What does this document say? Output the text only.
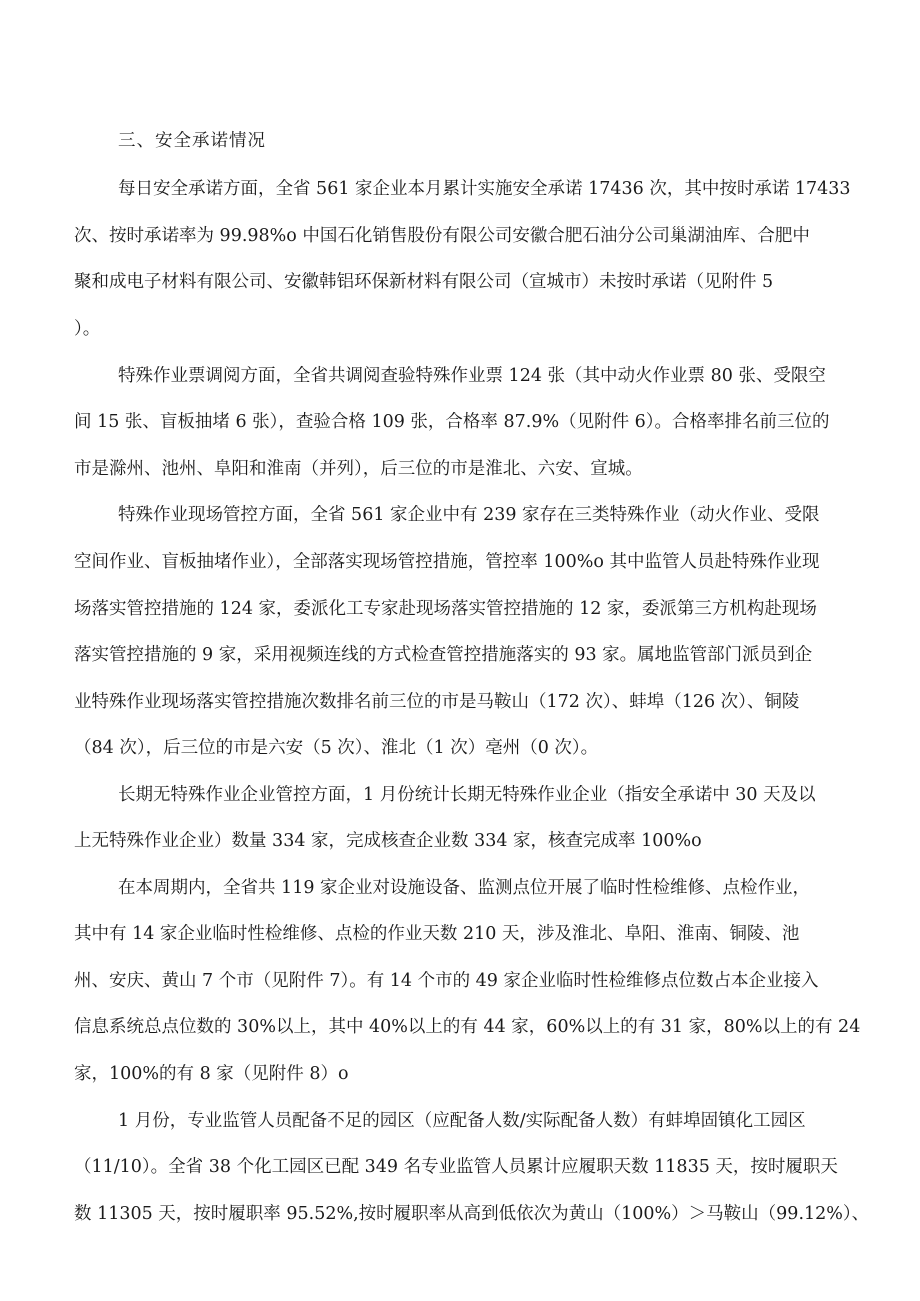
三、安全承诺情况
每日安全承诺方面，全省 561 家企业本月累计实施安全承诺 17436 次，其中按时承诺 17433
次、按时承诺率为 99.98%o 中国石化销售股份有限公司安徽合肥石油分公司巢湖油库、合肥中
聚和成电子材料有限公司、安徽韩铝环保新材料有限公司（宣城市）未按时承诺（见附件 5
）。
特殊作业票调阅方面，全省共调阅查验特殊作业票 124 张（其中动火作业票 80 张、受限空
间 15 张、盲板抽堵 6 张），查验合格 109 张，合格率 87.9%（见附件 6）。合格率排名前三位的
市是滁州、池州、阜阳和淮南（并列），后三位的市是淮北、六安、宣城。
特殊作业现场管控方面，全省 561 家企业中有 239 家存在三类特殊作业（动火作业、受限
空间作业、盲板抽堵作业），全部落实现场管控措施，管控率 100%o 其中监管人员赴特殊作业现
场落实管控措施的 124 家，委派化工专家赴现场落实管控措施的 12 家，委派第三方机构赴现场
落实管控措施的 9 家，采用视频连线的方式检查管控措施落实的 93 家。属地监管部门派员到企
业特殊作业现场落实管控措施次数排名前三位的市是马鞍山（172 次）、蚌埠（126 次）、铜陵
（84 次），后三位的市是六安（5 次）、淮北（1 次）亳州（0 次）。
长期无特殊作业企业管控方面，1 月份统计长期无特殊作业企业（指安全承诺中 30 天及以
上无特殊作业企业）数量 334 家，完成核查企业数 334 家，核查完成率 100%o
在本周期内，全省共 119 家企业对设施设备、监测点位开展了临时性检维修、点检作业，
其中有 14 家企业临时性检维修、点检的作业天数 210 天，涉及淮北、阜阳、淮南、铜陵、池
州、安庆、黄山 7 个市（见附件 7）。有 14 个市的 49 家企业临时性检维修点位数占本企业接入
信息系统总点位数的 30%以上，其中 40%以上的有 44 家，60%以上的有 31 家，80%以上的有 24
家，100%的有 8 家（见附件 8）o
1 月份，专业监管人员配备不足的园区（应配备人数/实际配备人数）有蚌埠固镇化工园区
（11/10）。全省 38 个化工园区已配 349 名专业监管人员累计应履职天数 11835 天，按时履职天
数 11305 天，按时履职率 95.52%,按时履职率从高到低依次为黄山（100%）＞马鞍山（99.12%）、
